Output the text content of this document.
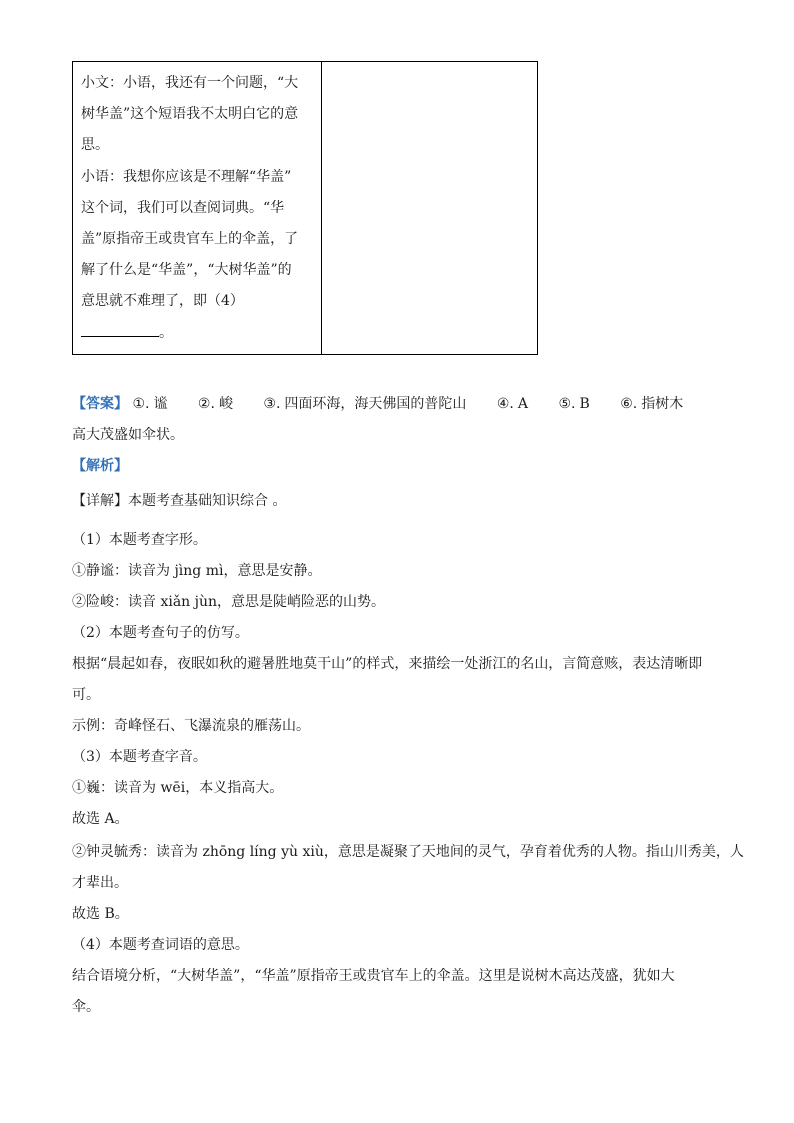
小文：小语，我还有一个问题，“大
树华盖”这个短语我不太明白它的意
思。
小语：我想你应该是不理解“华盖”
这个词，我们可以查阅词典。“华
盖”原指帝王或贵官车上的伞盖，了
解了什么是“华盖”，“大树华盖”的
意思就不难理了，即（4）
。

【答案】 ①. 谧 ②. 峻 ③. 四面环海，海天佛国的普陀山 ④. A ⑤. B ⑥. 指树木
高大茂盛如伞状。
【解析】
【详解】本题考查基础知识综合 。
（1）本题考查字形。
①静谧：读音为 jìng mì，意思是安静。
②险峻：读音 xiǎn jùn，意思是陡峭险恶的山势。
（2）本题考查句子的仿写。
根据“晨起如春，夜眠如秋的避暑胜地莫干山”的样式，来描绘一处浙江的名山，言简意赅，表达清晰即
可。
示例：奇峰怪石、飞瀑流泉的雁荡山。
（3）本题考查字音。
①巍：读音为 wēi，本义指高大。
故选 A。
②钟灵毓秀：读音为 zhōng líng yù xiù，意思是凝聚了天地间的灵气，孕育着优秀的人物。指山川秀美，人
才辈出。
故选 B。
（4）本题考查词语的意思。
结合语境分析，“大树华盖”，“华盖”原指帝王或贵官车上的伞盖。这里是说树木高达茂盛，犹如大
伞。
